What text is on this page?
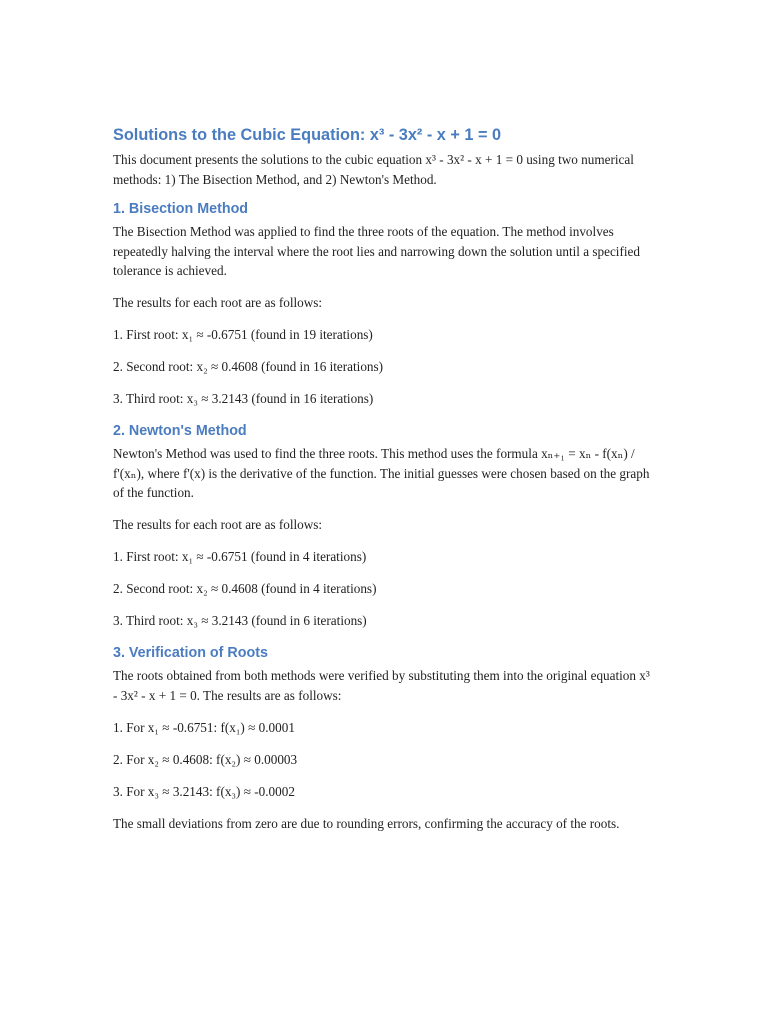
Solutions to the Cubic Equation: x³ - 3x² - x + 1 = 0

This document presents the solutions to the cubic equation x³ - 3x² - x + 1 = 0 using two numerical methods: 1) The Bisection Method, and 2) Newton's Method.

1. Bisection Method

The Bisection Method was applied to find the three roots of the equation. The method involves repeatedly halving the interval where the root lies and narrowing down the solution until a specified tolerance is achieved.

The results for each root are as follows:

1. First root: x₁ ≈ -0.6751 (found in 19 iterations)

2. Second root: x₂ ≈ 0.4608 (found in 16 iterations)

3. Third root: x₃ ≈ 3.2143 (found in 16 iterations)

2. Newton's Method

Newton's Method was used to find the three roots. This method uses the formula xₙ₊₁ = xₙ - f(xₙ) / f'(xₙ), where f'(x) is the derivative of the function. The initial guesses were chosen based on the graph of the function.

The results for each root are as follows:

1. First root: x₁ ≈ -0.6751 (found in 4 iterations)

2. Second root: x₂ ≈ 0.4608 (found in 4 iterations)

3. Third root: x₃ ≈ 3.2143 (found in 6 iterations)

3. Verification of Roots

The roots obtained from both methods were verified by substituting them into the original equation x³ - 3x² - x + 1 = 0. The results are as follows:

1. For x₁ ≈ -0.6751: f(x₁) ≈ 0.0001

2. For x₂ ≈ 0.4608: f(x₂) ≈ 0.00003

3. For x₃ ≈ 3.2143: f(x₃) ≈ -0.0002

The small deviations from zero are due to rounding errors, confirming the accuracy of the roots.
